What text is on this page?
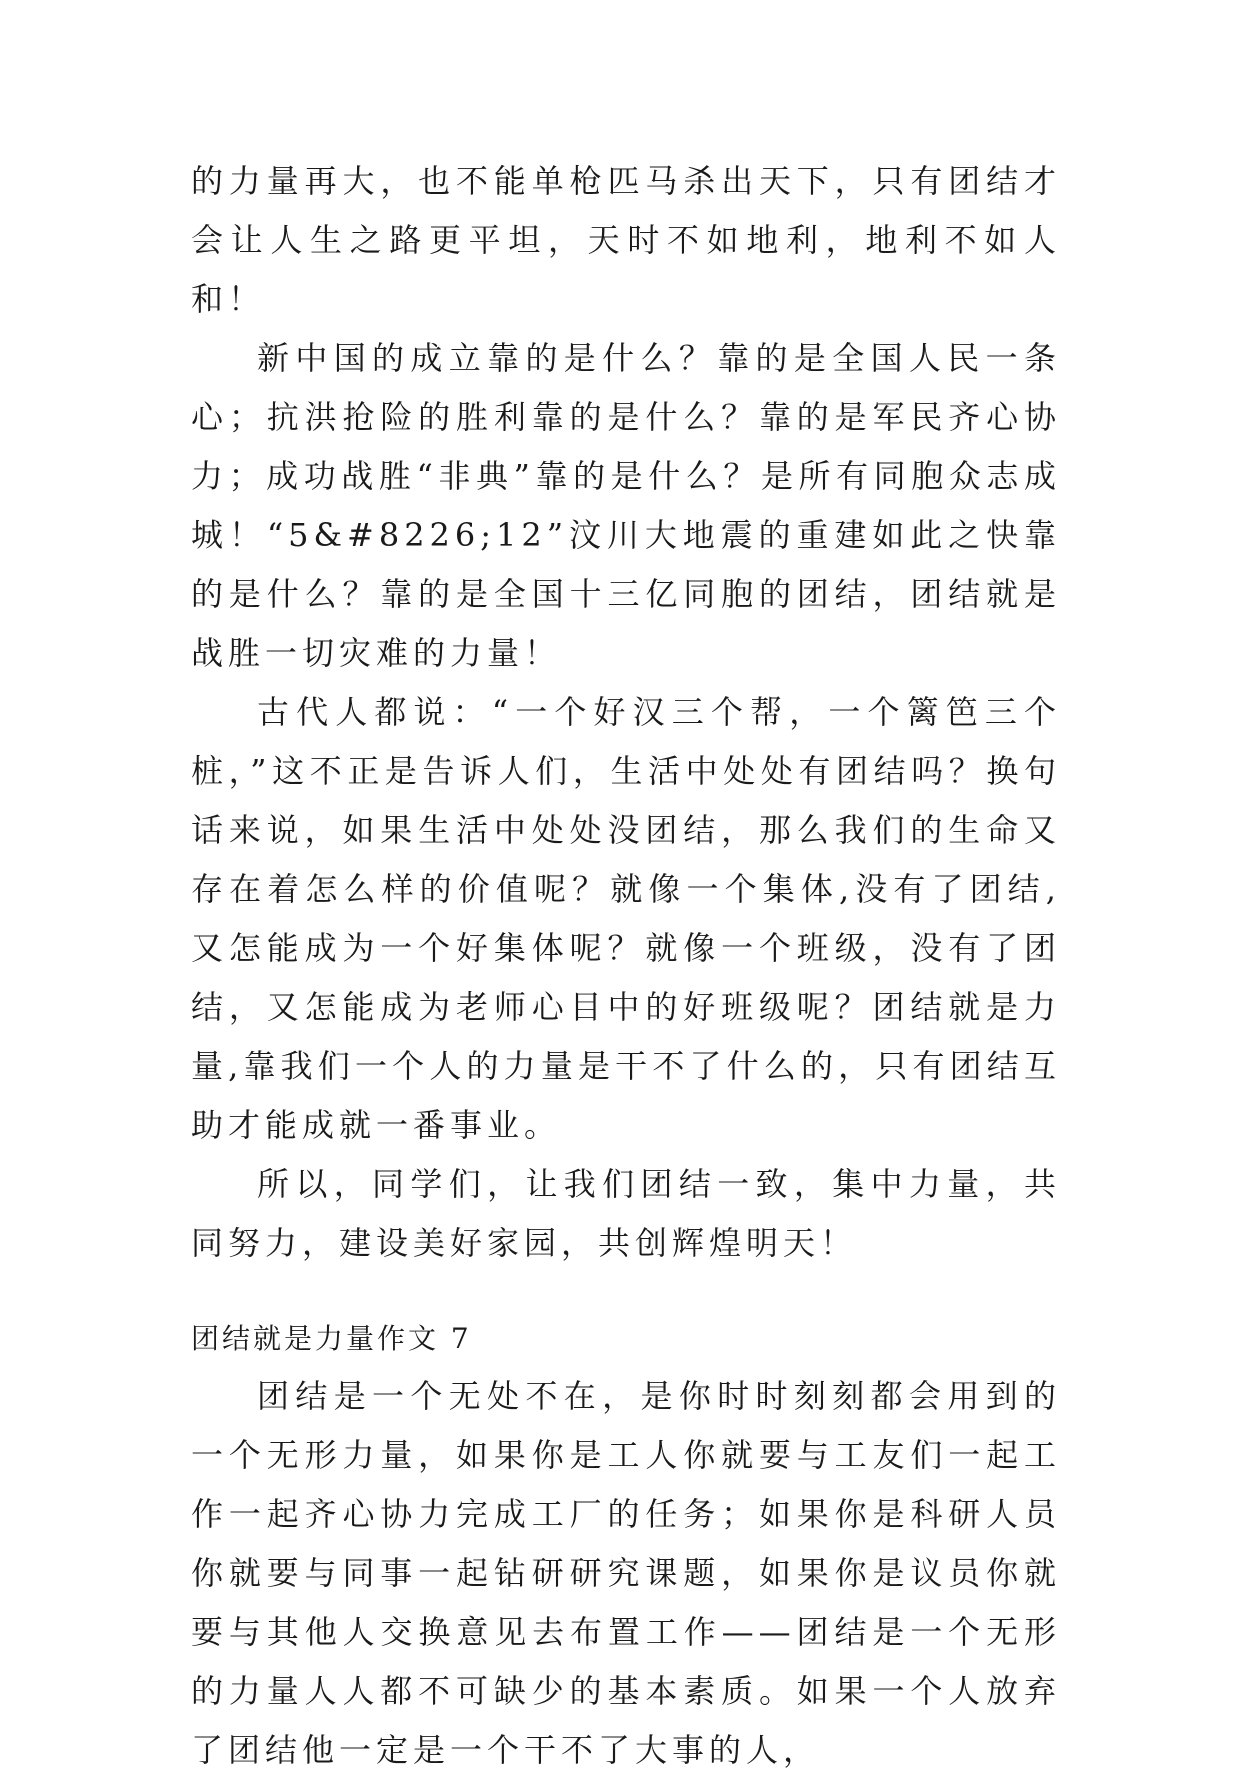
的力量再大，也不能单枪匹马杀出天下，只有团结才会让人生之路更平坦，天时不如地利，地利不如人和！

新中国的成立靠的是什么？靠的是全国人民一条心；抗洪抢险的胜利靠的是什么？靠的是军民齐心协力；成功战胜“非典”靠的是什么？是所有同胞众志成城！“5&#8226;12”汶川大地震的重建如此之快靠的是什么？靠的是全国十三亿同胞的团结，团结就是战胜一切灾难的力量！

古代人都说：“一个好汉三个帮，一个篱笆三个桩，”这不正是告诉人们，生活中处处有团结吗？换句话来说，如果生活中处处没团结，那么我们的生命又存在着怎么样的价值呢？就像一个集体,没有了团结,又怎能成为一个好集体呢？就像一个班级，没有了团结，又怎能成为老师心目中的好班级呢？团结就是力量,靠我们一个人的力量是干不了什么的，只有团结互助才能成就一番事业。

所以，同学们，让我们团结一致，集中力量，共同努力，建设美好家园，共创辉煌明天！

团结就是力量作文 7

团结是一个无处不在，是你时时刻刻都会用到的一个无形力量，如果你是工人你就要与工友们一起工作一起齐心协力完成工厂的任务；如果你是科研人员你就要与同事一起钻研研究课题，如果你是议员你就要与其他人交换意见去布置工作——团结是一个无形的力量人人都不可缺少的基本素质。如果一个人放弃了团结他一定是一个干不了大事的人，
